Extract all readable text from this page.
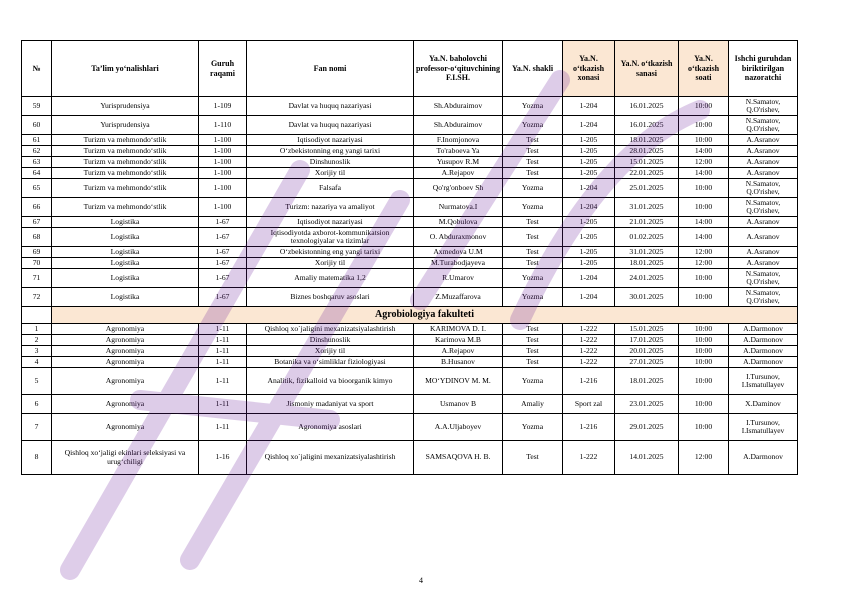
№	Ta’lim yo‘nalishlari	Guruh raqami	Fan nomi	Ya.N. baholovchi professor-o‘qituvchining F.I.SH.	Ya.N. shakli	Ya.N. o‘tkazish xonasi	Ya.N. o‘tkazish sanasi	Ya.N. o‘tkazish soati	Ishchi guruhdan biriktirilgan nazoratchi
59	Yurisprudensiya	1-109	Davlat va huquq nazariyasi	Sh.Abduraimov	Yozma	1-204	16.01.2025	10:00	N.Samatov, Q.O'rishev,
60	Yurisprudensiya	1-110	Davlat va huquq nazariyasi	Sh.Abduraimov	Yozma	1-204	16.01.2025	10:00	N.Samatov, Q.O'rishev,
61	Turizm va mehmondo‘stlik	1-100	Iqtisodiyot nazariyasi	F.Inomjonova	Test	1-205	18.01.2025	10:00	A.Asranov
62	Turizm va mehmondo‘stlik	1-100	O‘zbekistonning eng yangi tarixi	To'raboeva Ya	Test	1-205	28.01.2025	14:00	A.Asranov
63	Turizm va mehmondo‘stlik	1-100	Dinshunoslik	Yusupov R.M	Test	1-205	15.01.2025	12:00	A.Asranov
64	Turizm va mehmondo‘stlik	1-100	Xorijiy til	A.Rejapov	Test	1-205	22.01.2025	14:00	A.Asranov
65	Turizm va mehmondo‘stlik	1-100	Falsafa	Qo'rg'onboev Sh	Yozma	1-204	25.01.2025	10:00	N.Samatov, Q.O'rishev,
66	Turizm va mehmondo‘stlik	1-100	Turizm: nazariya va amaliyot	Nurmatova.I	Yozma	1-204	31.01.2025	10:00	N.Samatov, Q.O'rishev,
67	Logistika	1-67	Iqtisodiyot nazariyasi	M.Qobulova	Test	1-205	21.01.2025	14:00	A.Asranov
68	Logistika	1-67	Iqtisodiyotda axborot-kommunikatsion texnologiyalar va tizimlar	O. Abduraxmonov	Test	1-205	01.02.2025	14:00	A.Asranov
69	Logistika	1-67	O‘zbekistonning eng yangi tarixi	Axmedova U.M	Test	1-205	31.01.2025	12:00	A.Asranov
70	Logistika	1-67	Xorijiy til	M.Turabodjayeva	Test	1-205	18.01.2025	12:00	A.Asranov
71	Logistika	1-67	Amaliy matematika 1,2	R.Umarov	Yozma	1-204	24.01.2025	10:00	N.Samatov, Q.O'rishev,
72	Logistika	1-67	Biznes boshqaruv asoslari	Z.Muzaffarova	Yozma	1-204	30.01.2025	10:00	N.Samatov, Q.O'rishev,
	Agrobiologiya fakulteti								
1	Agronomiya	1-11	Qishloq xo`jaligini mexanizatsiyalashtirish	KARIMOVA D. I.	Test	1-222	15.01.2025	10:00	A.Darmonov
2	Agronomiya	1-11	Dinshunoslik	Karimova M.B	Test	1-222	17.01.2025	10:00	A.Darmonov
3	Agronomiya	1-11	Xorijiy til	A.Rejapov	Test	1-222	20.01.2025	10:00	A.Darmonov
4	Agronomiya	1-11	Botanika va o‘simliklar fiziologiyasi	B.Husanov	Test	1-222	27.01.2025	10:00	A.Darmonov
5	Agronomiya	1-11	Analitik, fizikalloid va bioorganik kimyo	MO‘YDINOV M. M.	Yozma	1-216	18.01.2025	10:00	I.Tursunov, I.Ismatullayev
6	Agronomiya	1-11	Jismoniy madaniyat va sport	Usmanov B	Amaliy	Sport zal	23.01.2025	10:00	X.Daminov
7	Agronomiya	1-11	Agronomiya asoslari	A.A.Uljaboyev	Yozma	1-216	29.01.2025	10:00	I.Tursunov, I.Ismatullayev
8	Qishloq xo‘jaligi ekinlari seleksiyasi va urug‘chiligi	1-16	Qishloq xo`jaligini mexanizatsiyalashtirish	SAMSAQOVA H. B.	Test	1-222	14.01.2025	12:00	A.Darmonov
4
